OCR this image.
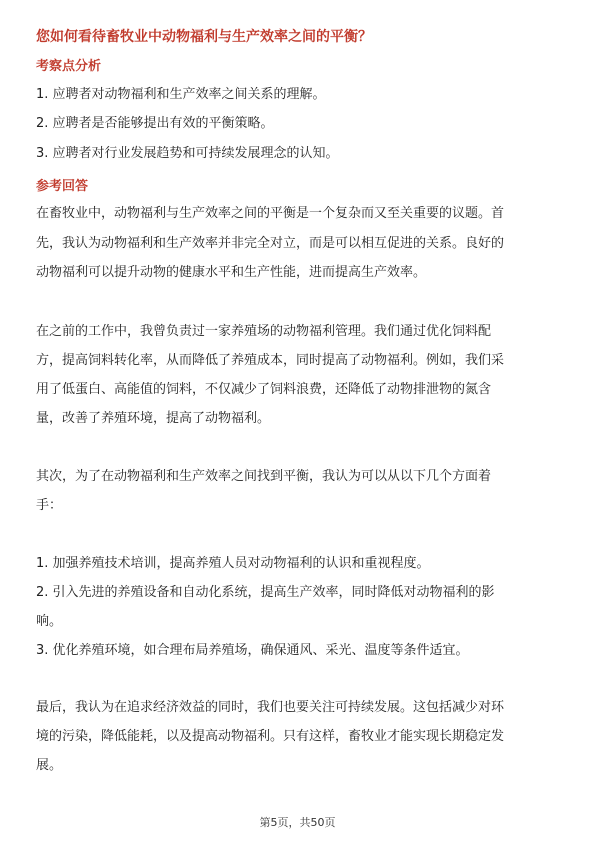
您如何看待畜牧业中动物福利与生产效率之间的平衡？
考察点分析
1. 应聘者对动物福利和生产效率之间关系的理解。
2. 应聘者是否能够提出有效的平衡策略。
3. 应聘者对行业发展趋势和可持续发展理念的认知。
参考回答
在畜牧业中，动物福利与生产效率之间的平衡是一个复杂而又至关重要的议题。首
先，我认为动物福利和生产效率并非完全对立，而是可以相互促进的关系。良好的
动物福利可以提升动物的健康水平和生产性能，进而提高生产效率。
在之前的工作中，我曾负责过一家养殖场的动物福利管理。我们通过优化饲料配
方，提高饲料转化率，从而降低了养殖成本，同时提高了动物福利。例如，我们采
用了低蛋白、高能值的饲料，不仅减少了饲料浪费，还降低了动物排泄物的氮含
量，改善了养殖环境，提高了动物福利。
其次，为了在动物福利和生产效率之间找到平衡，我认为可以从以下几个方面着
手：
1. 加强养殖技术培训，提高养殖人员对动物福利的认识和重视程度。
2. 引入先进的养殖设备和自动化系统，提高生产效率，同时降低对动物福利的影
响。
3. 优化养殖环境，如合理布局养殖场，确保通风、采光、温度等条件适宜。
最后，我认为在追求经济效益的同时，我们也要关注可持续发展。这包括减少对环
境的污染，降低能耗，以及提高动物福利。只有这样，畜牧业才能实现长期稳定发
展。
第5页，共50页
